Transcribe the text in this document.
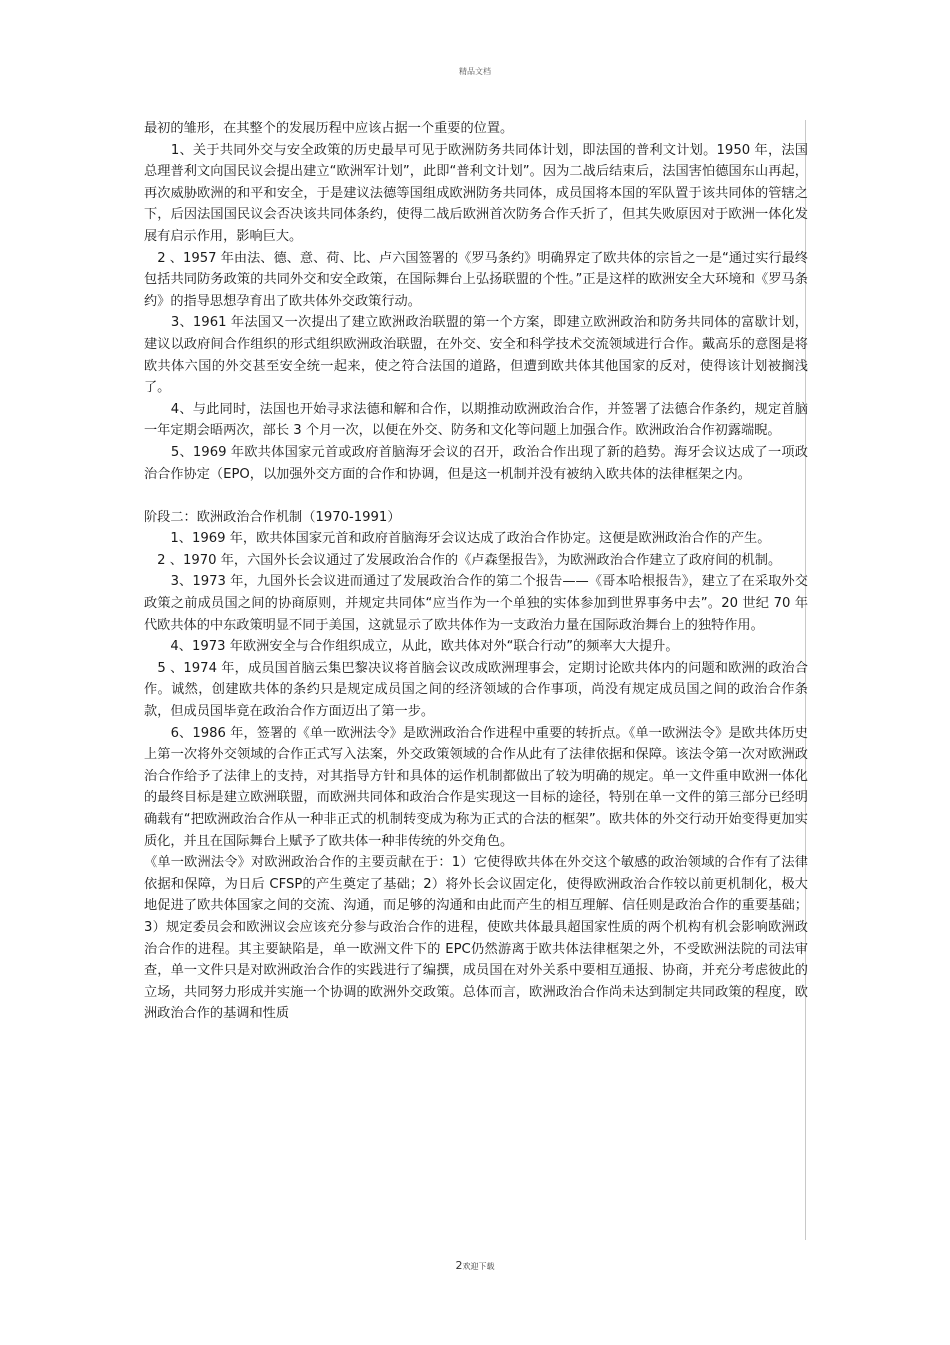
精品文档

最初的雏形，在其整个的发展历程中应该占据一个重要的位置。

　　1、关于共同外交与安全政策的历史最早可见于欧洲防务共同体计划，即法国的普利文计划。1950 年，法国总理普利文向国民议会提出建立“欧洲军计划”，此即“普利文计划”。因为二战后结束后，法国害怕德国东山再起，再次威胁欧洲的和平和安全，于是建议法德等国组成欧洲防务共同体，成员国将本国的军队置于该共同体的管辖之下，后因法国国民议会否决该共同体条约，使得二战后欧洲首次防务合作夭折了，但其失败原因对于欧洲一体化发展有启示作用，影响巨大。

　2 、1957 年由法、德、意、荷、比、卢六国签署的《罗马条约》明确界定了欧共体的宗旨之一是“通过实行最终包括共同防务政策的共同外交和安全政策，在国际舞台上弘扬联盟的个性。”正是这样的欧洲安全大环境和《罗马条约》的指导思想孕育出了欧共体外交政策行动。

　　3、1961 年法国又一次提出了建立欧洲政治联盟的第一个方案，即建立欧洲政治和防务共同体的富歇计划，建议以政府间合作组织的形式组织欧洲政治联盟，在外交、安全和科学技术交流领域进行合作。戴高乐的意图是将欧共体六国的外交甚至安全统一起来，使之符合法国的道路，但遭到欧共体其他国家的反对，使得该计划被搁浅了。

　　4、与此同时，法国也开始寻求法德和解和合作，以期推动欧洲政治合作，并签署了法德合作条约，规定首脑一年定期会晤两次，部长 3 个月一次，以便在外交、防务和文化等问题上加强合作。欧洲政治合作初露端睨。

　　5、1969 年欧共体国家元首或政府首脑海牙会议的召开，政治合作出现了新的趋势。海牙会议达成了一项政治合作协定（EPO，以加强外交方面的合作和协调，但是这一机制并没有被纳入欧共体的法律框架之内。

阶段二：欧洲政治合作机制（1970-1991）

　　1、1969 年，欧共体国家元首和政府首脑海牙会议达成了政治合作协定。这便是欧洲政治合作的产生。

　2 、1970 年，六国外长会议通过了发展政治合作的《卢森堡报告》，为欧洲政治合作建立了政府间的机制。

　　3、1973 年，九国外长会议进而通过了发展政治合作的第二个报告——《哥本哈根报告》，建立了在采取外交政策之前成员国之间的协商原则，并规定共同体“应当作为一个单独的实体参加到世界事务中去”。20 世纪 70 年代欧共体的中东政策明显不同于美国，这就显示了欧共体作为一支政治力量在国际政治舞台上的独特作用。

　　4、1973 年欧洲安全与合作组织成立，从此，欧共体对外“联合行动”的频率大大提升。

　5 、1974 年，成员国首脑云集巴黎决议将首脑会议改成欧洲理事会，定期讨论欧共体内的问题和欧洲的政治合作。诚然，创建欧共体的条约只是规定成员国之间的经济领域的合作事项，尚没有规定成员国之间的政治合作条款，但成员国毕竟在政治合作方面迈出了第一步。

　　6、1986 年，签署的《单一欧洲法令》是欧洲政治合作进程中重要的转折点。《单一欧洲法令》是欧共体历史上第一次将外交领域的合作正式写入法案，外交政策领域的合作从此有了法律依据和保障。该法令第一次对欧洲政治合作给予了法律上的支持，对其指导方针和具体的运作机制都做出了较为明确的规定。单一文件重申欧洲一体化的最终目标是建立欧洲联盟，而欧洲共同体和政治合作是实现这一目标的途径，特别在单一文件的第三部分已经明确载有“把欧洲政治合作从一种非正式的机制转变成为称为正式的合法的框架”。欧共体的外交行动开始变得更加实质化，并且在国际舞台上赋予了欧共体一种非传统的外交角色。

《单一欧洲法令》对欧洲政治合作的主要贡献在于：1）它使得欧共体在外交这个敏感的政治领域的合作有了法律依据和保障，为日后 CFSP的产生奠定了基础；2）将外长会议固定化，使得欧洲政治合作较以前更机制化，极大地促进了欧共体国家之间的交流、沟通，而足够的沟通和由此而产生的相互理解、信任则是政治合作的重要基础；3）规定委员会和欧洲议会应该充分参与政治合作的进程，使欧共体最具超国家性质的两个机构有机会影响欧洲政治合作的进程。其主要缺陷是，单一欧洲文件下的 EPC仍然游离于欧共体法律框架之外，不受欧洲法院的司法审查，单一文件只是对欧洲政治合作的实践进行了编撰，成员国在对外关系中要相互通报、协商，并充分考虑彼此的立场，共同努力形成并实施一个协调的欧洲外交政策。总体而言，欧洲政治合作尚未达到制定共同政策的程度，欧洲政治合作的基调和性质

2欢迎下载
